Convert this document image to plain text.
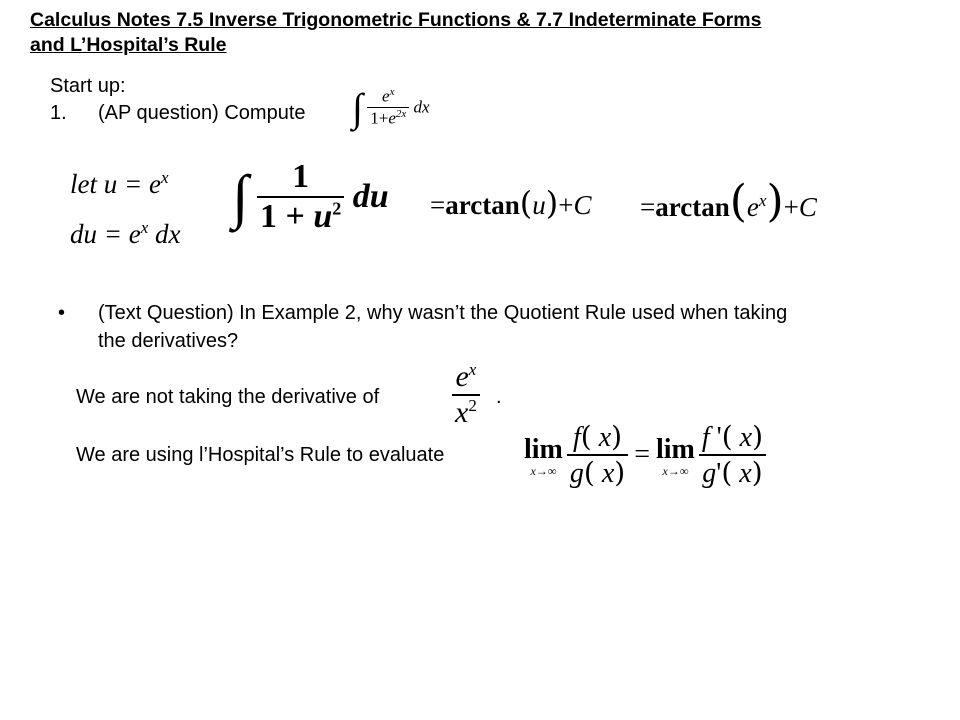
Calculus Notes 7.5 Inverse Trigonometric Functions & 7.7 Indeterminate Forms
and L’Hospital’s Rule
Start up:
1. (AP question) Compute ∫ $\frac{e^x}{1+e^{2x}}$ dx
let $u = e^x$
du = $e^x$ dx
∫ $\frac{1}{1 + u^2}$ du $=\arctan(u)+C =\arctan(e^x)+C$
• (Text Question) In Example 2, why wasn’t the Quotient Rule used when taking
the derivatives?
We are not taking the derivative of $\frac{e^x}{x^2}$ .
We are using l’Hospital’s Rule to evaluate	lim
$x\to\infty \frac{f( x)}{g( x)} = \lim$
$x\to\infty \frac{f '( x)}{g'( x)}$
